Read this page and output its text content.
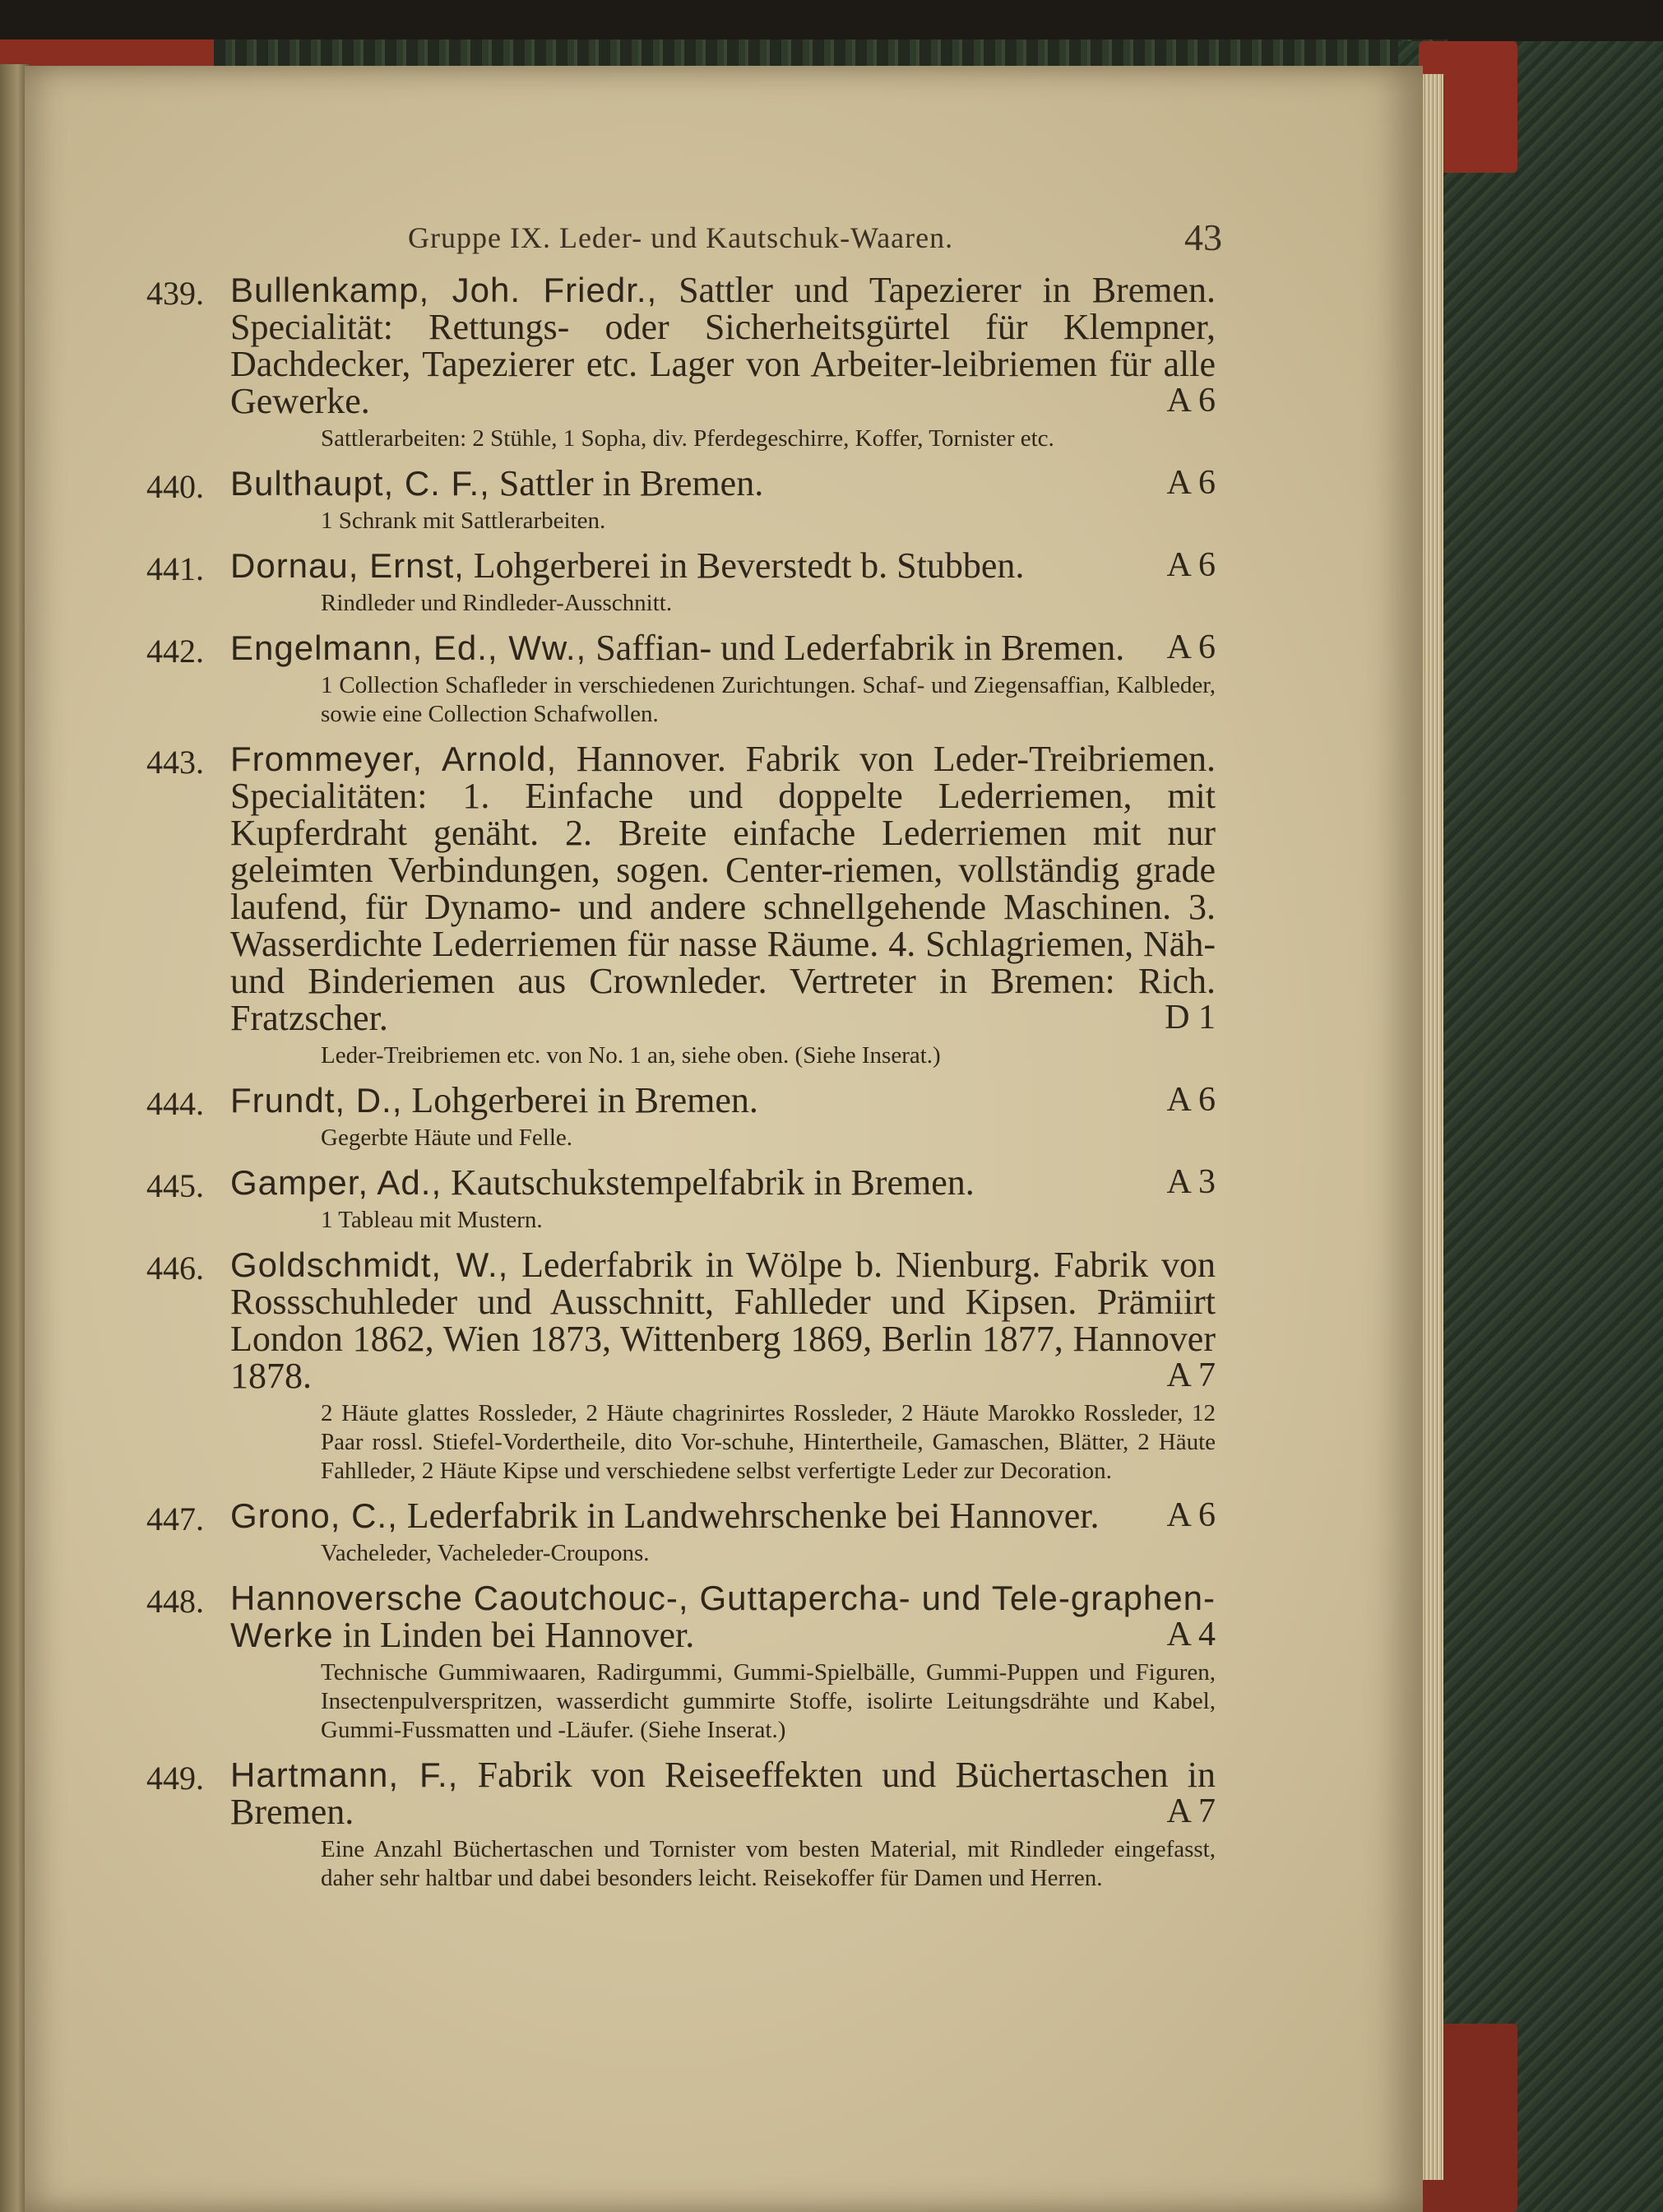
Gruppe IX. Leder- und Kautschuk-Waaren.	43
439. Bullenkamp, Joh. Friedr., Sattler und Tapezierer in Bremen. Specialität: Rettungs- oder Sicherheitsgürtel für Klempner, Dachdecker, Tapezierer etc. Lager von Arbeiter-leibriemen für alle Gewerke.	A 6
Sattlerarbeiten: 2 Stühle, 1 Sopha, div. Pferdegeschirre, Koffer, Tornister etc.
440. Bulthaupt, C. F., Sattler in Bremen.	A 6
1 Schrank mit Sattlerarbeiten.
441. Dornau, Ernst, Lohgerberei in Beverstedt b. Stubben.	A 6
Rindleder und Rindleder-Ausschnitt.
442. Engelmann, Ed., Ww., Saffian- und Lederfabrik in Bremen. A 6
1 Collection Schafleder in verschiedenen Zurichtungen. Schaf- und Ziegensaffian, Kalbleder, sowie eine Collection Schafwollen.
443. Frommeyer, Arnold, Hannover. Fabrik von Leder-Treibriemen. Specialitäten: 1. Einfache und doppelte Lederriemen, mit Kupferdraht genäht. 2. Breite einfache Lederriemen mit nur geleimten Verbindungen, sogen. Center-riemen, vollständig grade laufend, für Dynamo- und andere schnellgehende Maschinen. 3. Wasserdichte Lederriemen für nasse Räume. 4. Schlagriemen, Näh- und Binderiemen aus Crownleder. Vertreter in Bremen: Rich. Fratzscher.	D 1
Leder-Treibriemen etc. von No. 1 an, siehe oben. (Siehe Inserat.)
444. Frundt, D., Lohgerberei in Bremen.	A 6
Gegerbte Häute und Felle.
445. Gamper, Ad., Kautschukstempelfabrik in Bremen.	A 3
1 Tableau mit Mustern.
446. Goldschmidt, W., Lederfabrik in Wölpe b. Nienburg. Fabrik von Rossschuhleder und Ausschnitt, Fahlleder und Kipsen. Prämiirt London 1862, Wien 1873, Wittenberg 1869, Berlin 1877, Hannover 1878.	A 7
2 Häute glattes Rossleder, 2 Häute chagrinirtes Rossleder, 2 Häute Marokko Rossleder, 12 Paar rossl. Stiefel-Vordertheile, dito Vor-schuhe, Hintertheile, Gamaschen, Blätter, 2 Häute Fahlleder, 2 Häute Kipse und verschiedene selbst verfertigte Leder zur Decoration.
447. Grono, C., Lederfabrik in Landwehrschenke bei Hannover. A 6
Vacheleder, Vacheleder-Croupons.
448. Hannoversche Caoutchouc-, Guttapercha- und Tele-graphen-Werke in Linden bei Hannover.	A 4
Technische Gummiwaaren, Radirgummi, Gummi-Spielbälle, Gummi-Puppen und Figuren, Insectenpulverspritzen, wasserdicht gummirte Stoffe, isolirte Leitungsdrähte und Kabel, Gummi-Fussmatten und -Läufer. (Siehe Inserat.)
449. Hartmann, F., Fabrik von Reiseeffekten und Büchertaschen in Bremen.	A 7
Eine Anzahl Büchertaschen und Tornister vom besten Material, mit Rindleder eingefasst, daher sehr haltbar und dabei besonders leicht. Reisekoffer für Damen und Herren.
